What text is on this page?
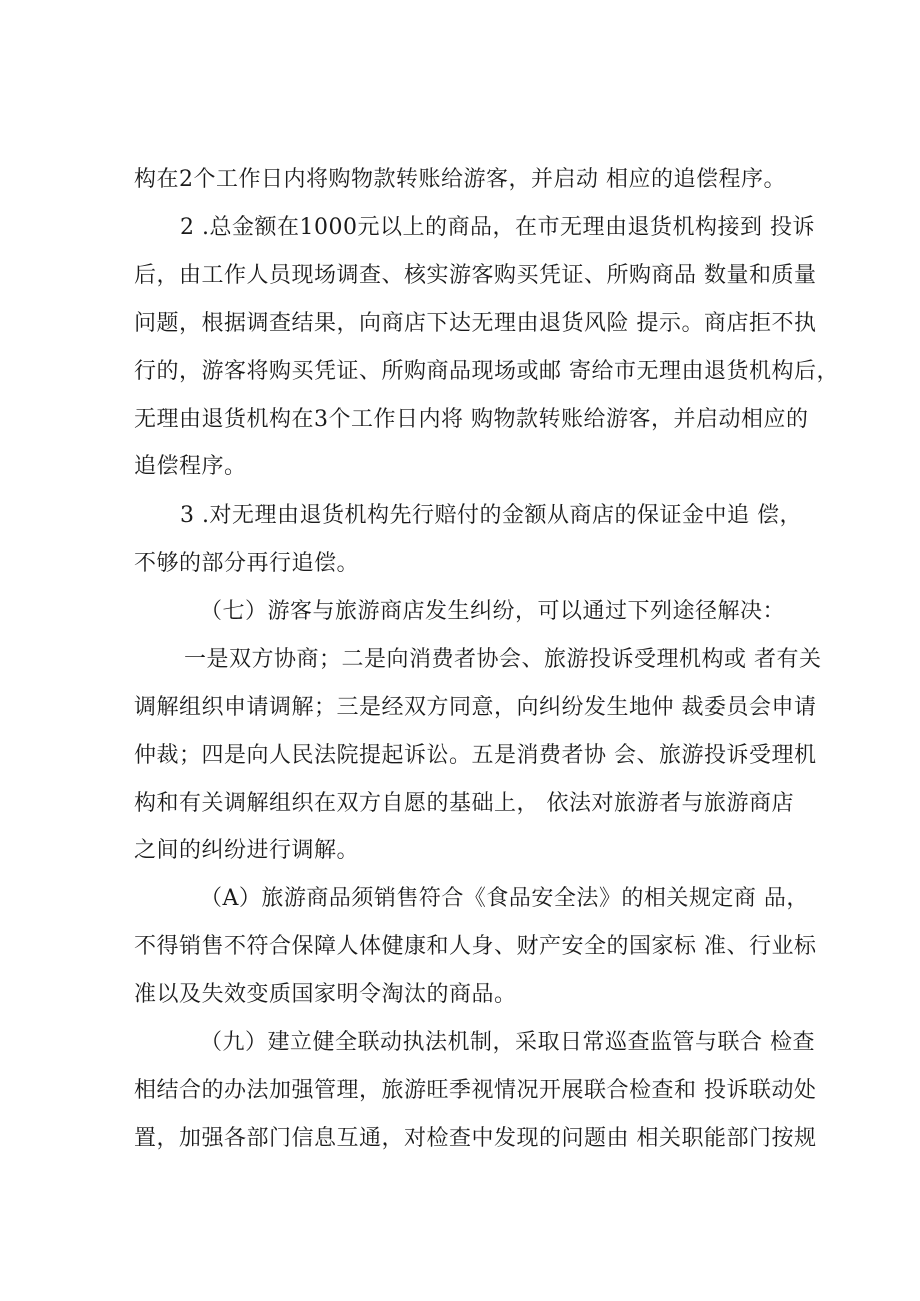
构在2个工作日内将购物款转账给游客，并启动 相应的追偿程序。
2 .总金额在1000元以上的商品，在市无理由退货机构接到 投诉
后，由工作人员现场调查、核实游客购买凭证、所购商品 数量和质量
问题，根据调查结果，向商店下达无理由退货风险 提示。商店拒不执
行的，游客将购买凭证、所购商品现场或邮 寄给市无理由退货机构后，
无理由退货机构在3个工作日内将 购物款转账给游客，并启动相应的
追偿程序。
3 .对无理由退货机构先行赔付的金额从商店的保证金中追 偿，
不够的部分再行追偿。
（七）游客与旅游商店发生纠纷，可以通过下列途径解决：
一是双方协商；二是向消费者协会、旅游投诉受理机构或 者有关
调解组织申请调解；三是经双方同意，向纠纷发生地仲 裁委员会申请
仲裁；四是向人民法院提起诉讼。五是消费者协 会、旅游投诉受理机
构和有关调解组织在双方自愿的基础上， 依法对旅游者与旅游商店
之间的纠纷进行调解。
（A）旅游商品须销售符合《食品安全法》的相关规定商 品，
不得销售不符合保障人体健康和人身、财产安全的国家标 准、行业标
准以及失效变质国家明令淘汰的商品。
（九）建立健全联动执法机制，采取日常巡查监管与联合 检查
相结合的办法加强管理，旅游旺季视情况开展联合检查和 投诉联动处
置，加强各部门信息互通，对检查中发现的问题由 相关职能部门按规
